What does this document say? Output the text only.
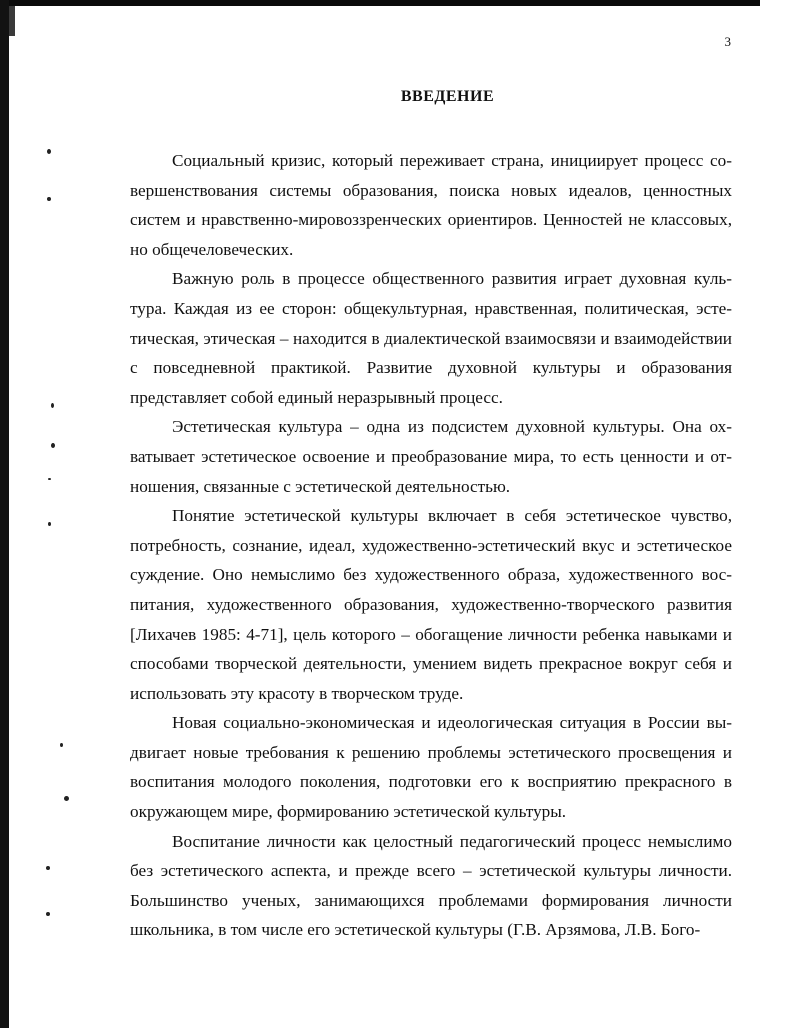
3
ВВЕДЕНИЕ

Социальный кризис, который переживает страна, инициирует процесс совершенствования системы образования, поиска новых идеалов, ценностных систем и нравственно-мировоззренческих ориентиров. Ценностей не классовых, но общечеловеческих.

Важную роль в процессе общественного развития играет духовная культура. Каждая из ее сторон: общекультурная, нравственная, политическая, эстетическая, этическая – находится в диалектической взаимосвязи и взаимодействии с повседневной практикой. Развитие духовной культуры и образования представляет собой единый неразрывный процесс.

Эстетическая культура – одна из подсистем духовной культуры. Она охватывает эстетическое освоение и преобразование мира, то есть ценности и отношения, связанные с эстетической деятельностью.

Понятие эстетической культуры включает в себя эстетическое чувство, потребность, сознание, идеал, художественно-эстетический вкус и эстетическое суждение. Оно немыслимо без художественного образа, художественного воспитания, художественного образования, художественно-творческого развития [Лихачев 1985: 4-71], цель которого – обогащение личности ребенка навыками и способами творческой деятельности, умением видеть прекрасное вокруг себя и использовать эту красоту в творческом труде.

Новая социально-экономическая и идеологическая ситуация в России выдвигает новые требования к решению проблемы эстетического просвещения и воспитания молодого поколения, подготовки его к восприятию прекрасного в окружающем мире, формированию эстетической культуры.

Воспитание личности как целостный педагогический процесс немыслимо без эстетического аспекта, и прежде всего – эстетической культуры личности. Большинство ученых, занимающихся проблемами формирования личности школьника, в том числе его эстетической культуры (Г.В. Арзямова, Л.В. Бого-
